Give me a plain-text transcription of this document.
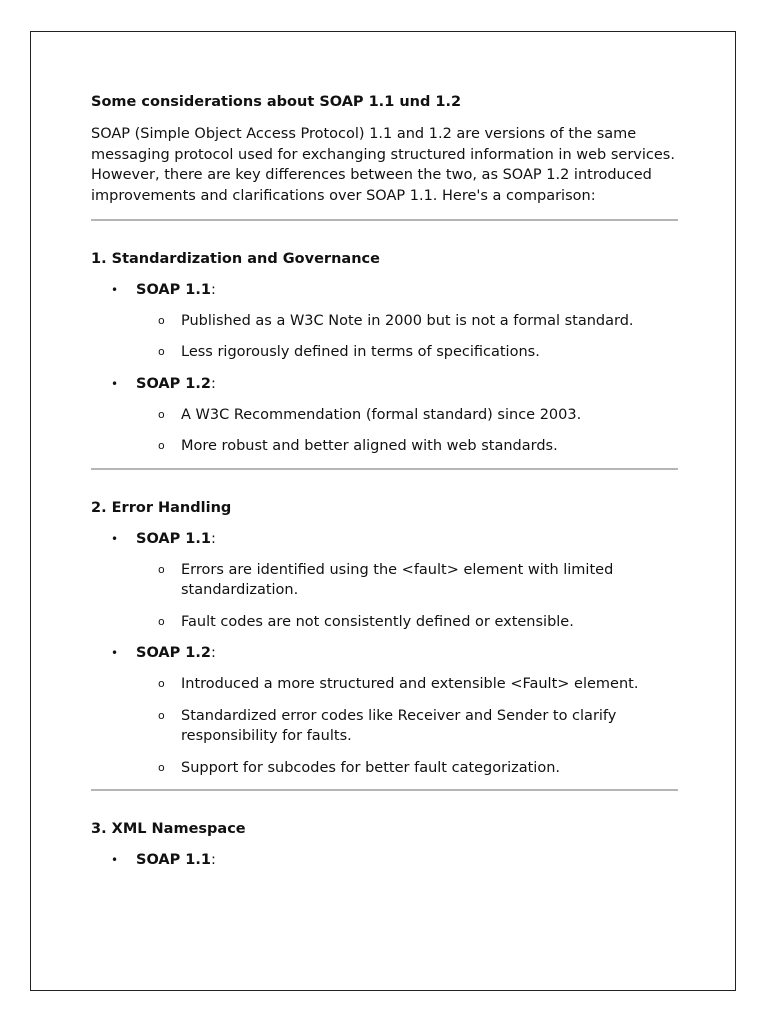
Some considerations about SOAP 1.1 und 1.2
SOAP (Simple Object Access Protocol) 1.1 and 1.2 are versions of the same messaging protocol used for exchanging structured information in web services. However, there are key differences between the two, as SOAP 1.2 introduced improvements and clarifications over SOAP 1.1. Here's a comparison:
1. Standardization and Governance
• SOAP 1.1:
o Published as a W3C Note in 2000 but is not a formal standard.
o Less rigorously defined in terms of specifications.
• SOAP 1.2:
o A W3C Recommendation (formal standard) since 2003.
o More robust and better aligned with web standards.
2. Error Handling
• SOAP 1.1:
o Errors are identified using the <fault> element with limited standardization.
o Fault codes are not consistently defined or extensible.
• SOAP 1.2:
o Introduced a more structured and extensible <Fault> element.
o Standardized error codes like Receiver and Sender to clarify responsibility for faults.
o Support for subcodes for better fault categorization.
3. XML Namespace
• SOAP 1.1:
